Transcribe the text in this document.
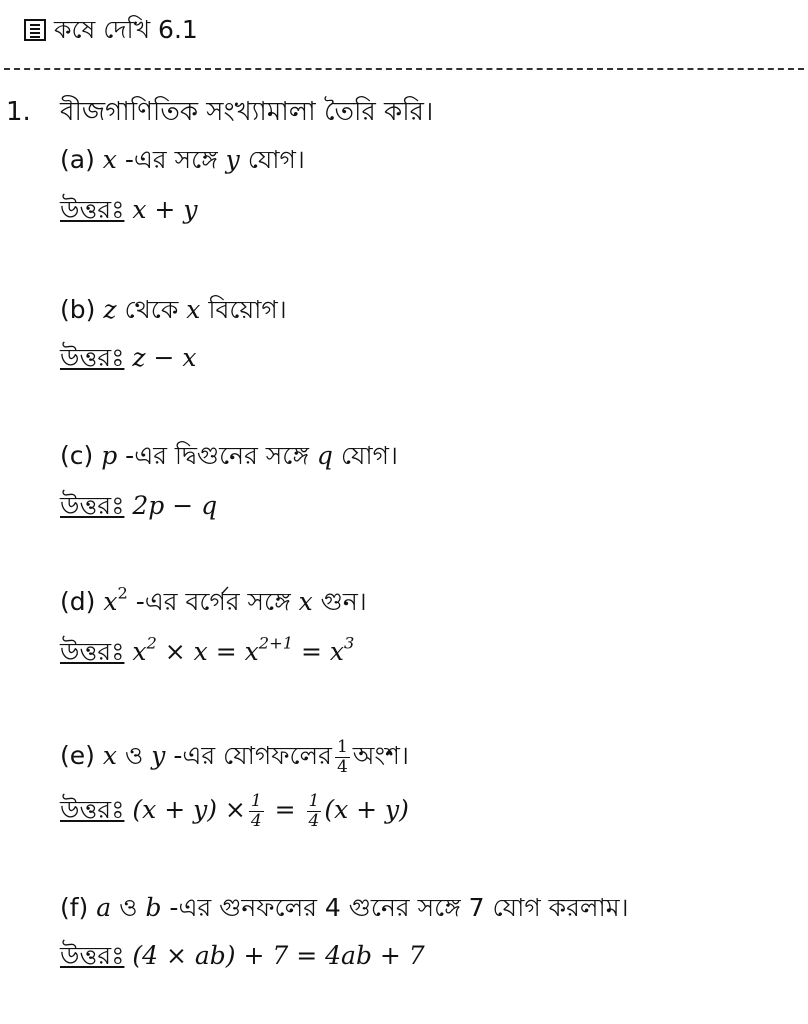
কষে দেখি 6.1
1. বীজগাণিতিক সংখ্যামালা তৈরি করি।
(a) x -এর সঙ্গে y যোগ।
উত্তরঃ x + y
(b) z থেকে x বিয়োগ।
উত্তরঃ z − x
(c) p -এর দ্বিগুনের সঙ্গে q যোগ।
উত্তরঃ 2p − q
(d) $x^2$ -এর বর্গের সঙ্গে x গুন।
উত্তরঃ $x^2 \times x = x^{2+1} = x^3$
(e) x ও y -এর যোগফলের $\frac{1}{4}$ অংশ।
উত্তরঃ $(x + y) \times \frac{1}{4} = \frac{1}{4} (x + y)$
(f) a ও b -এর গুনফলের 4 গুনের সঙ্গে 7 যোগ করলাম।
উত্তরঃ (4 × ab) + 7 = 4ab + 7
